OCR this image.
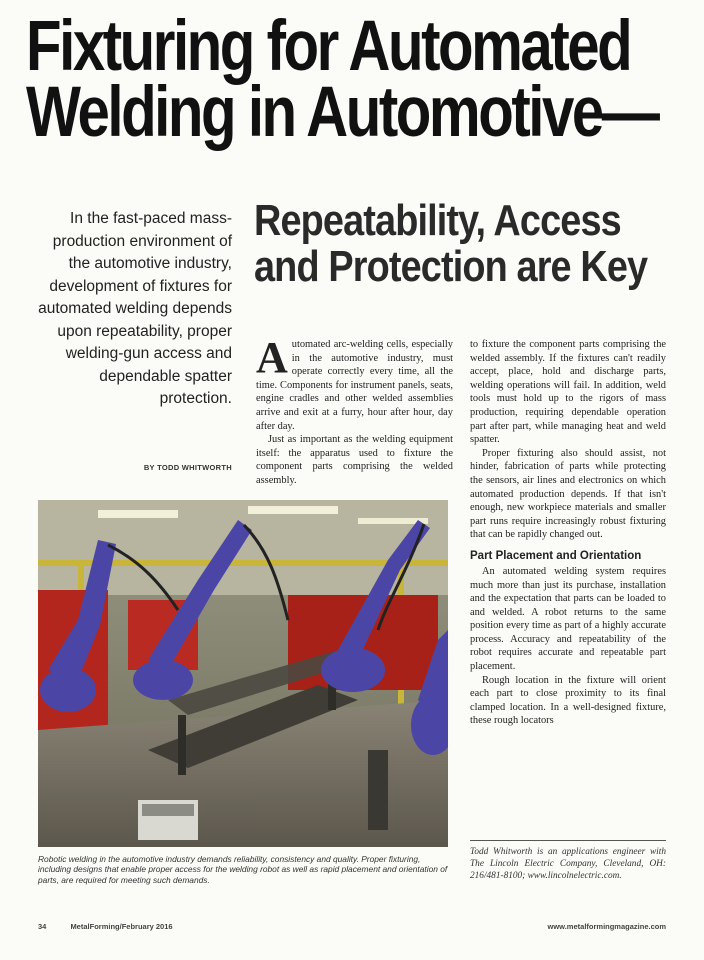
Fixturing for Automated
Welding in Automotive—
Repeatability, Access
and Protection are Key
In the fast-paced mass-production environment of the automotive industry, development of fixtures for automated welding depends upon repeatability, proper welding-gun access and dependable spatter protection.
BY TODD WHITWORTH

Automated arc-welding cells, especially in the automotive industry, must operate correctly every time, all the time. Components for instrument panels, seats, engine cradles and other welded assemblies arrive and exit at a furry, hour after hour, day after day.

Just as important as the welding equipment itself: the apparatus used to fixture the component parts comprising the welded assembly.

to fixture the component parts comprising the welded assembly. If the fixtures can't readily accept, place, hold and discharge parts, welding operations will fail. In addition, weld tools must hold up to the rigors of mass production, requiring dependable operation part after part, while managing heat and weld spatter.

Proper fixturing also should assist, not hinder, fabrication of parts while protecting the sensors, air lines and electronics on which automated production depends. If that isn't enough, new workpiece materials and smaller part runs require increasingly robust fixturing that can be rapidly changed out.

Part Placement and Orientation

An automated welding system requires much more than just its purchase, installation and the expectation that parts can be loaded to and welded. A robot returns to the same position every time as part of a highly accurate process. Accuracy and repeatability of the robot requires accurate and repeatable part placement.

Rough location in the fixture will orient each part to close proximity to its final clamped location. In a well-designed fixture, these rough locators

Robotic welding in the automotive industry demands reliability, consistency and quality. Proper fixturing, including designs that enable proper access for the welding robot as well as rapid placement and orientation of parts, are required for meeting such demands.
Todd Whitworth is an applications engineer with The Lincoln Electric Company, Cleveland, OH: 216/481-8100; www.lincolnelectric.com.
34	MetalForming/February 2016	www.metalformingmagazine.com
